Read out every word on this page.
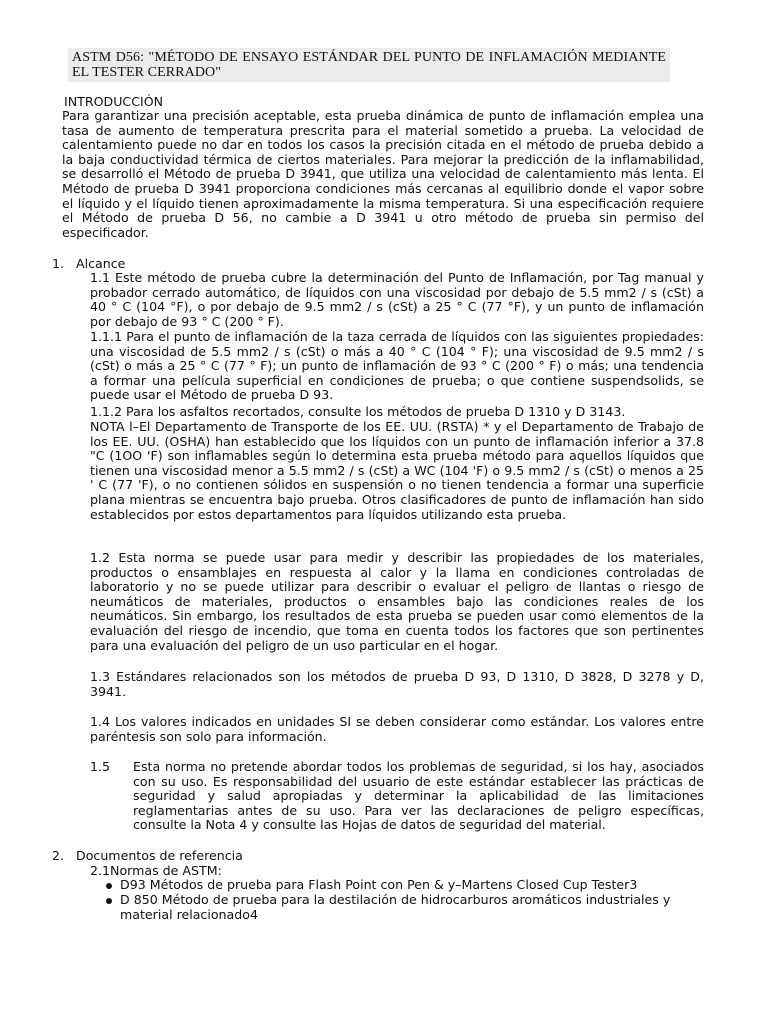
ASTM D56: "MÉTODO DE ENSAYO ESTÁNDAR DEL PUNTO DE INFLAMACIÓN MEDIANTE EL TESTER CERRADO"
INTRODUCCIÓN

Para garantizar una precisión aceptable, esta prueba dinámica de punto de inflamación emplea una tasa de aumento de temperatura prescrita para el material sometido a prueba. La velocidad de calentamiento puede no dar en todos los casos la precisión citada en el método de prueba debido a la baja conductividad térmica de ciertos materiales. Para mejorar la predicción de la inflamabilidad, se desarrolló el Método de prueba D 3941, que utiliza una velocidad de calentamiento más lenta. El Método de prueba D 3941 proporciona condiciones más cercanas al equilibrio donde el vapor sobre el líquido y el líquido tienen aproximadamente la misma temperatura. Si una especificación requiere el Método de prueba D 56, no cambie a D 3941 u otro método de prueba sin permiso del especificador.

1. Alcance

1.1 Este método de prueba cubre la determinación del Punto de Inflamación, por Tag manual y probador cerrado automático, de líquidos con una viscosidad por debajo de 5.5 mm2 / s (cSt) a 40 ° C (104 °F), o por debajo de 9.5 mm2 / s (cSt) a 25 ° C (77 °F), y un punto de inflamación por debajo de 93 ° C (200 ° F).

1.1.1 Para el punto de inflamación de la taza cerrada de líquidos con las siguientes propiedades: una viscosidad de 5.5 mm2 / s (cSt) o más a 40 ° C (104 ° F); una viscosidad de 9.5 mm2 / s (cSt) o más a 25 ° C (77 ° F); un punto de inflamación de 93 ° C (200 ° F) o más; una tendencia a formar una película superficial en condiciones de prueba; o que contiene suspendsolids, se puede usar el Método de prueba D 93.

1.1.2 Para los asfaltos recortados, consulte los métodos de prueba D 1310 y D 3143.

NOTA l–El Departamento de Transporte de los EE. UU. (RSTA) * y el Departamento de Trabajo de los EE. UU. (OSHA) han establecido que los líquidos con un punto de inflamación inferior a 37.8 "C (1OO 'F) son inflamables según lo determina esta prueba método para aquellos líquidos que tienen una viscosidad menor a 5.5 mm2 / s (cSt) a WC (104 'F) o 9.5 mm2 / s (cSt) o menos a 25 ' C (77 'F), o no contienen sólidos en suspensión o no tienen tendencia a formar una superficie plana mientras se encuentra bajo prueba. Otros clasificadores de punto de inflamación han sido establecidos por estos departamentos para líquidos utilizando esta prueba.

1.2 Esta norma se puede usar para medir y describir las propiedades de los materiales, productos o ensamblajes en respuesta al calor y la llama en condiciones controladas de laboratorio y no se puede utilizar para describir o evaluar el peligro de llantas o riesgo de neumáticos de materiales, productos o ensambles bajo las condiciones reales de los neumáticos. Sin embargo, los resultados de esta prueba se pueden usar como elementos de la evaluación del riesgo de incendio, que toma en cuenta todos los factores que son pertinentes para una evaluación del peligro de un uso particular en el hogar.

1.3 Estándares relacionados son los métodos de prueba D 93, D 1310, D 3828, D 3278 y D, 3941.

1.4 Los valores indicados en unidades SI se deben considerar como estándar. Los valores entre paréntesis son solo para información.

1.5 Esta norma no pretende abordar todos los problemas de seguridad, si los hay, asociados con su uso. Es responsabilidad del usuario de este estándar establecer las prácticas de seguridad y salud apropiadas y determinar la aplicabilidad de las limitaciones reglamentarias antes de su uso. Para ver las declaraciones de peligro específicas, consulte la Nota 4 y consulte las Hojas de datos de seguridad del material.
2. Documentos de referencia
2.1Normas de ASTM:
D93 Métodos de prueba para Flash Point con Pen & y–Martens Closed Cup Tester3
D 850 Método de prueba para la destilación de hidrocarburos aromáticos industriales y material relacionado4
